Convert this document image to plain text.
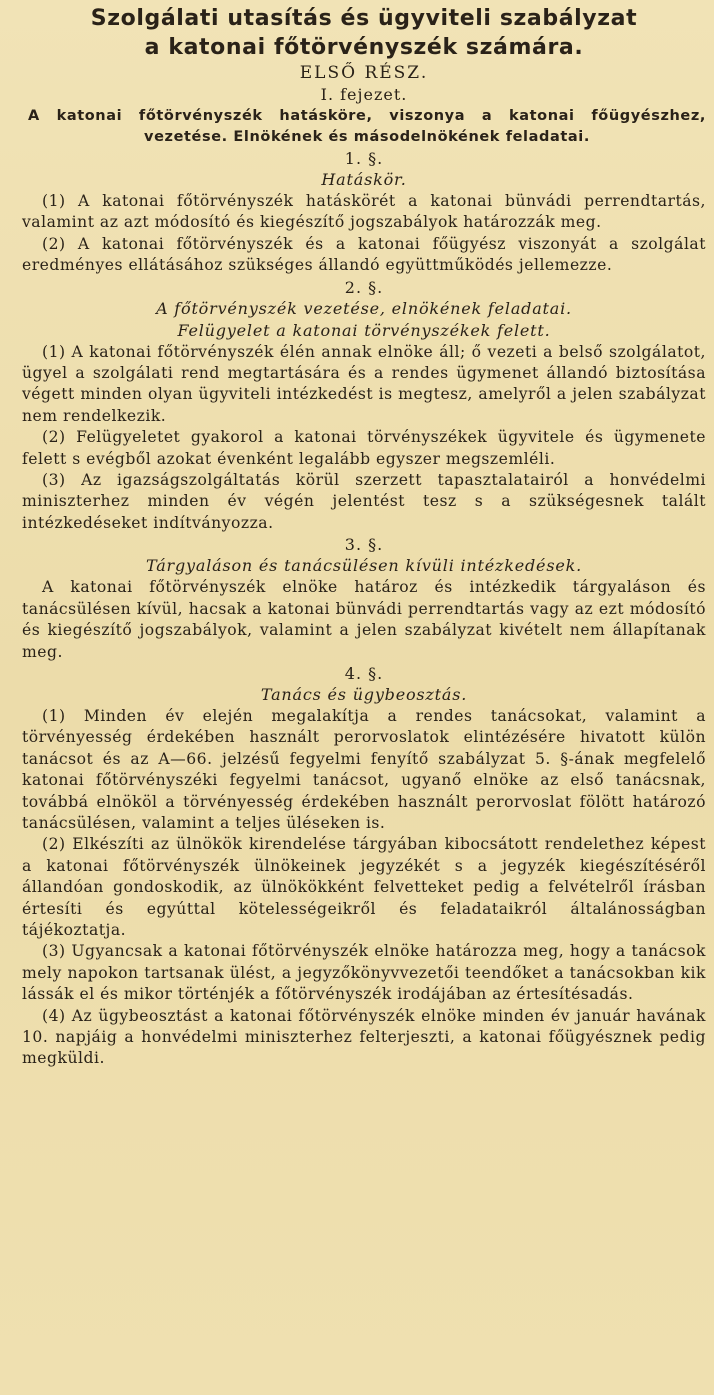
Szolgálati utasítás és ügyviteli szabályzat

a katonai főtörvényszék számára.

ELSŐ RÉSZ.

I. fejezet.

A katonai főtörvényszék hatásköre, viszonya a katonai főügyészhez, vezetése. Elnökének és másodelnökének feladatai.

1. §.

Hatáskör.

(1) A katonai főtörvényszék hatáskörét a katonai bünvádi perrendtartás, valamint az azt módosító és kiegészítő jogszabályok határozzák meg.

(2) A katonai főtörvényszék és a katonai főügyész viszonyát a szolgálat eredményes ellátásához szükséges állandó együttműködés jellemezze.

2. §.

A főtörvényszék vezetése, elnökének feladatai.

Felügyelet a katonai törvényszékek felett.

(1) A katonai főtörvényszék élén annak elnöke áll; ő vezeti a belső szolgálatot, ügyel a szolgálati rend megtartására és a rendes ügymenet állandó biztosítása végett minden olyan ügyviteli intézkedést is megtesz, amelyről a jelen szabályzat nem rendelkezik.

(2) Felügyeletet gyakorol a katonai törvényszékek ügyvitele és ügymenete felett s evégből azokat évenként legalább egyszer megszemléli.

(3) Az igazságszolgáltatás körül szerzett tapasztalatairól a honvédelmi miniszterhez minden év végén jelentést tesz s a szükségesnek talált intézkedéseket indítványozza.

3. §.

Tárgyaláson és tanácsülésen kívüli intézkedések.

A katonai főtörvényszék elnöke határoz és intézkedik tárgyaláson és tanácsülésen kívül, hacsak a katonai bünvádi perrendtartás vagy az ezt módosító és kiegészítő jogszabályok, valamint a jelen szabályzat kivételt nem állapítanak meg.

4. §.

Tanács és ügybeosztás.

(1) Minden év elején megalakítja a rendes tanácsokat, valamint a törvényesség érdekében használt perorvoslatok elintézésére hivatott külön tanácsot és az A—66. jelzésű fegyelmi fenyítő szabályzat 5. §-ának megfelelő katonai főtörvényszéki fegyelmi tanácsot, ugyanő elnöke az első tanácsnak, továbbá elnököl a törvényesség érdekében használt perorvoslat fölött határozó tanácsülésen, valamint a teljes üléseken is.

(2) Elkészíti az ülnökök kirendelése tárgyában kibocsátott rendelethez képest a katonai főtörvényszék ülnökeinek jegyzékét s a jegyzék kiegészítéséről állandóan gondoskodik, az ülnökökként felvetteket pedig a felvételről írásban értesíti és egyúttal kötelességeikről és feladataikról általánosságban tájékoztatja.

(3) Ugyancsak a katonai főtörvényszék elnöke határozza meg, hogy a tanácsok mely napokon tartsanak ülést, a jegyzőkönyvvezetői teendőket a tanácsokban kik lássák el és mikor történjék a főtörvényszék irodájában az értesítésadás.

(4) Az ügybeosztást a katonai főtörvényszék elnöke minden év január havának 10. napjáig a honvédelmi miniszterhez felterjeszti, a katonai főügyésznek pedig megküldi.
